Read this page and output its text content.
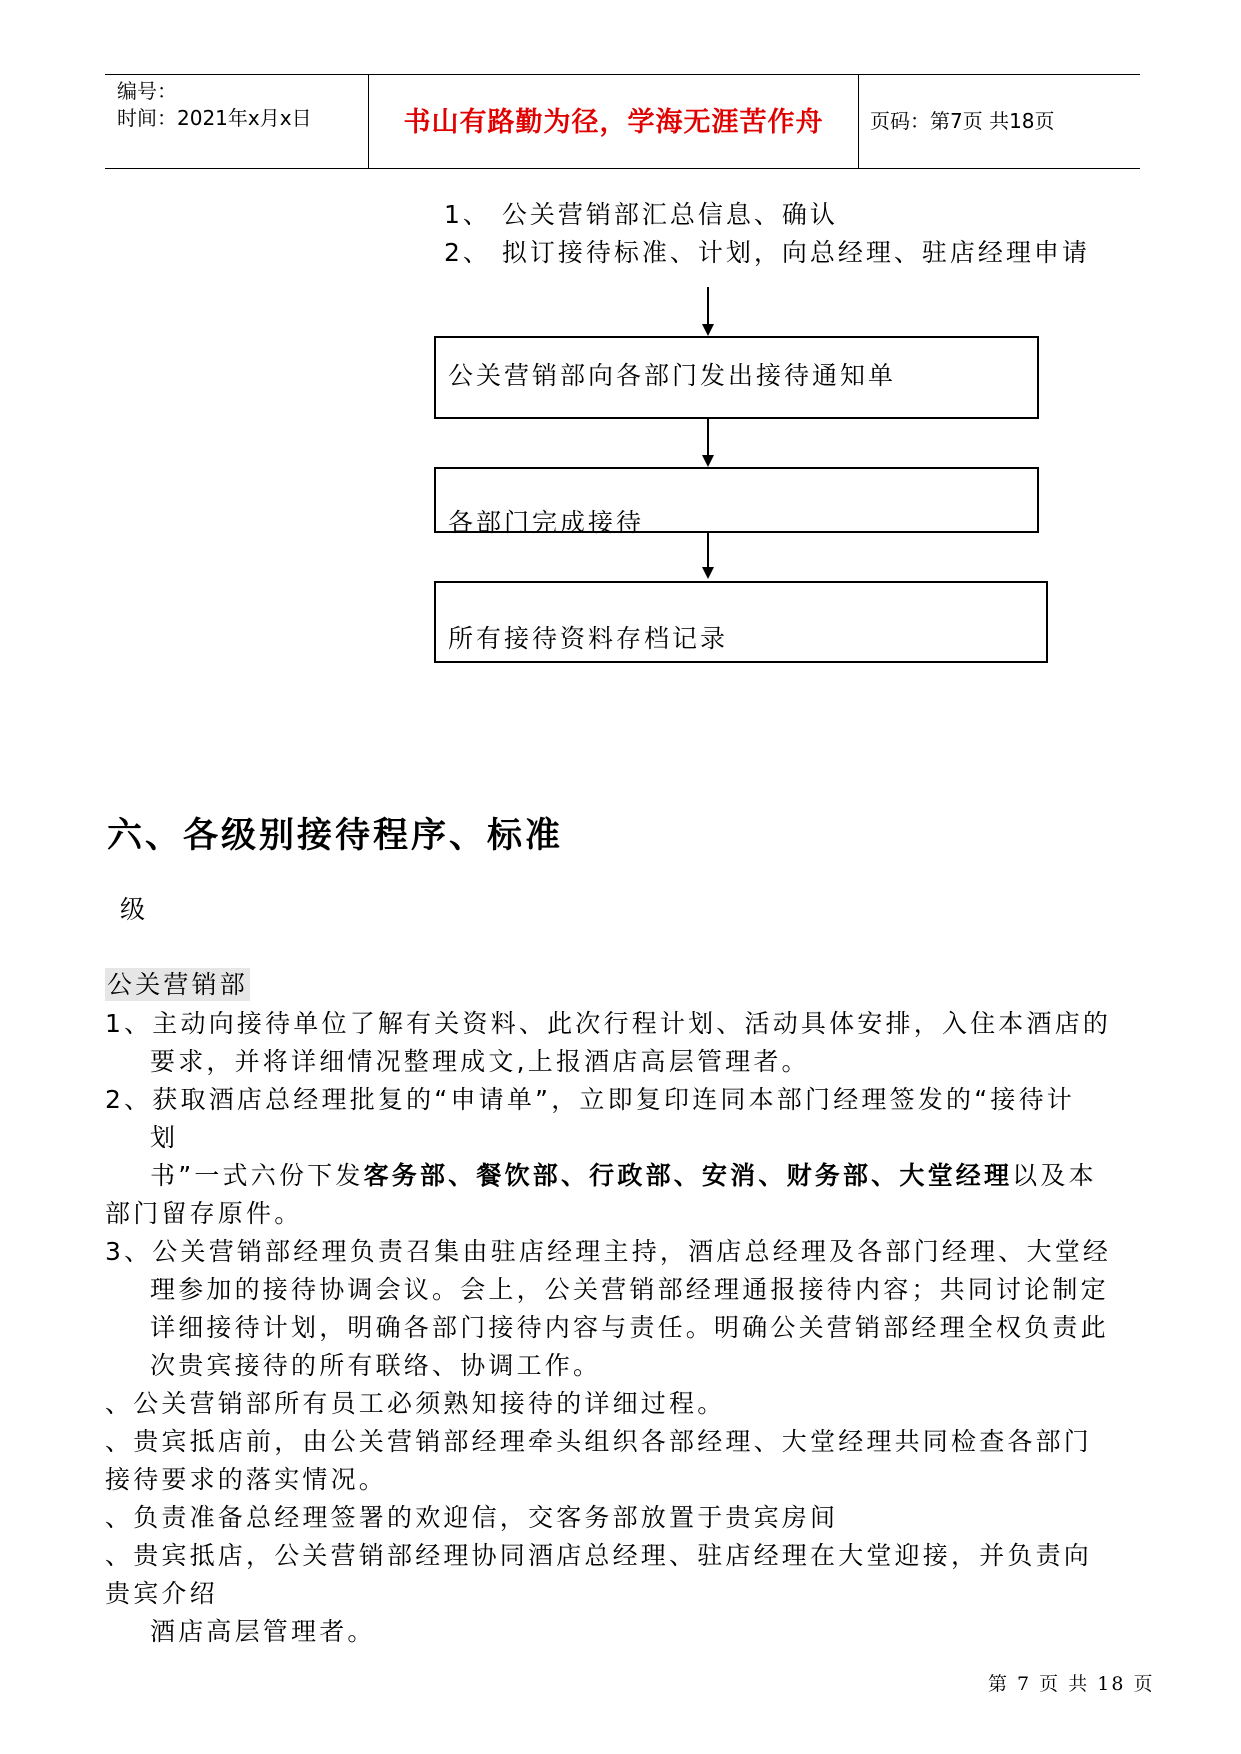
编号：
时间：2021年x月x日	书山有路勤为径，学海无涯苦作舟	页码：第7页 共18页
1、 公关营销部汇总信息、确认
2、 拟订接待标准、计划，向总经理、驻店经理申请
公关营销部向各部门发出接待通知单
各部门完成接待
所有接待资料存档记录
六、各级别接待程序、标准
级
公关营销部
1、主动向接待单位了解有关资料、此次行程计划、活动具体安排，入住本酒店的
要求，并将详细情况整理成文,上报酒店高层管理者。
2、获取酒店总经理批复的“申请单”，立即复印连同本部门经理签发的“接待计
划
书”一式六份下发客务部、餐饮部、行政部、安消、财务部、大堂经理以及本
部门留存原件。
3、公关营销部经理负责召集由驻店经理主持，酒店总经理及各部门经理、大堂经
理参加的接待协调会议。会上，公关营销部经理通报接待内容；共同讨论制定
详细接待计划，明确各部门接待内容与责任。明确公关营销部经理全权负责此
次贵宾接待的所有联络、协调工作。
、公关营销部所有员工必须熟知接待的详细过程。
、贵宾抵店前，由公关营销部经理牵头组织各部经理、大堂经理共同检查各部门
接待要求的落实情况。
、负责准备总经理签署的欢迎信，交客务部放置于贵宾房间
、贵宾抵店，公关营销部经理协同酒店总经理、驻店经理在大堂迎接，并负责向
贵宾介绍
酒店高层管理者。
第 7 页 共 18 页
